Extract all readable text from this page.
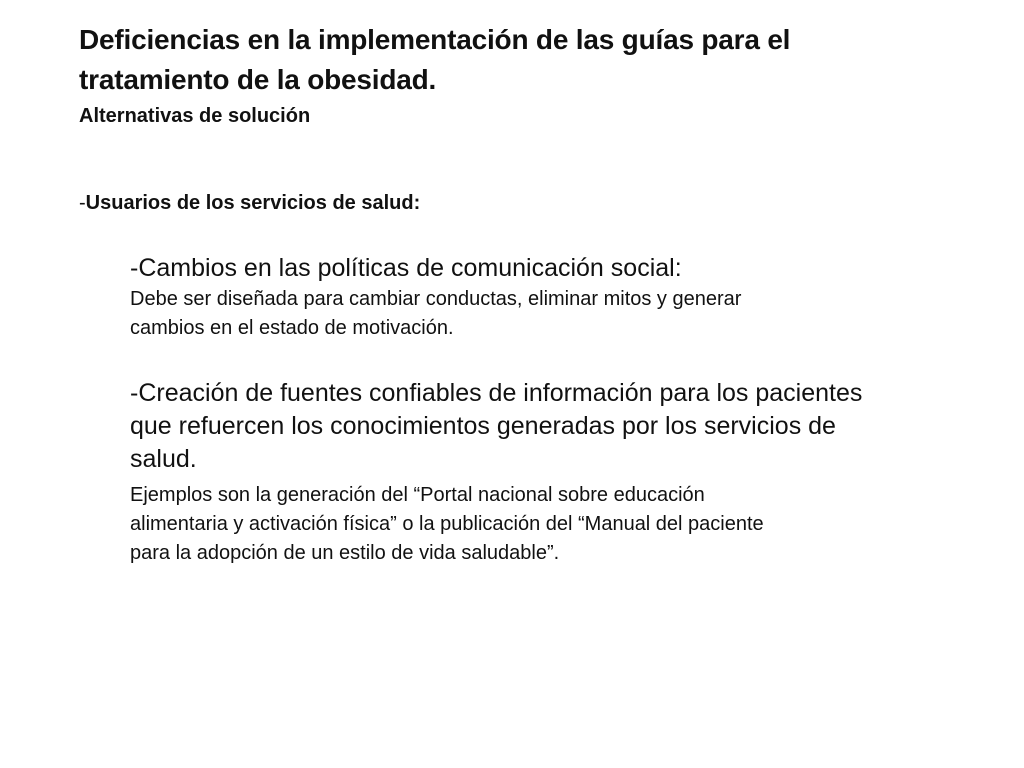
Deficiencias en la implementación de las guías para el
tratamiento de la obesidad.
Alternativas de solución

-Usuarios de los servicios de salud:

-Cambios en las políticas de comunicación social:

Debe ser diseñada para cambiar conductas, eliminar mitos y generar
cambios en el estado de motivación.

-Creación de fuentes confiables de información para los pacientes
que refuercen los conocimientos generadas por los servicios de
salud.

Ejemplos son la generación del “Portal nacional sobre educación
alimentaria y activación física” o la publicación del “Manual del paciente
para la adopción de un estilo de vida saludable”.
